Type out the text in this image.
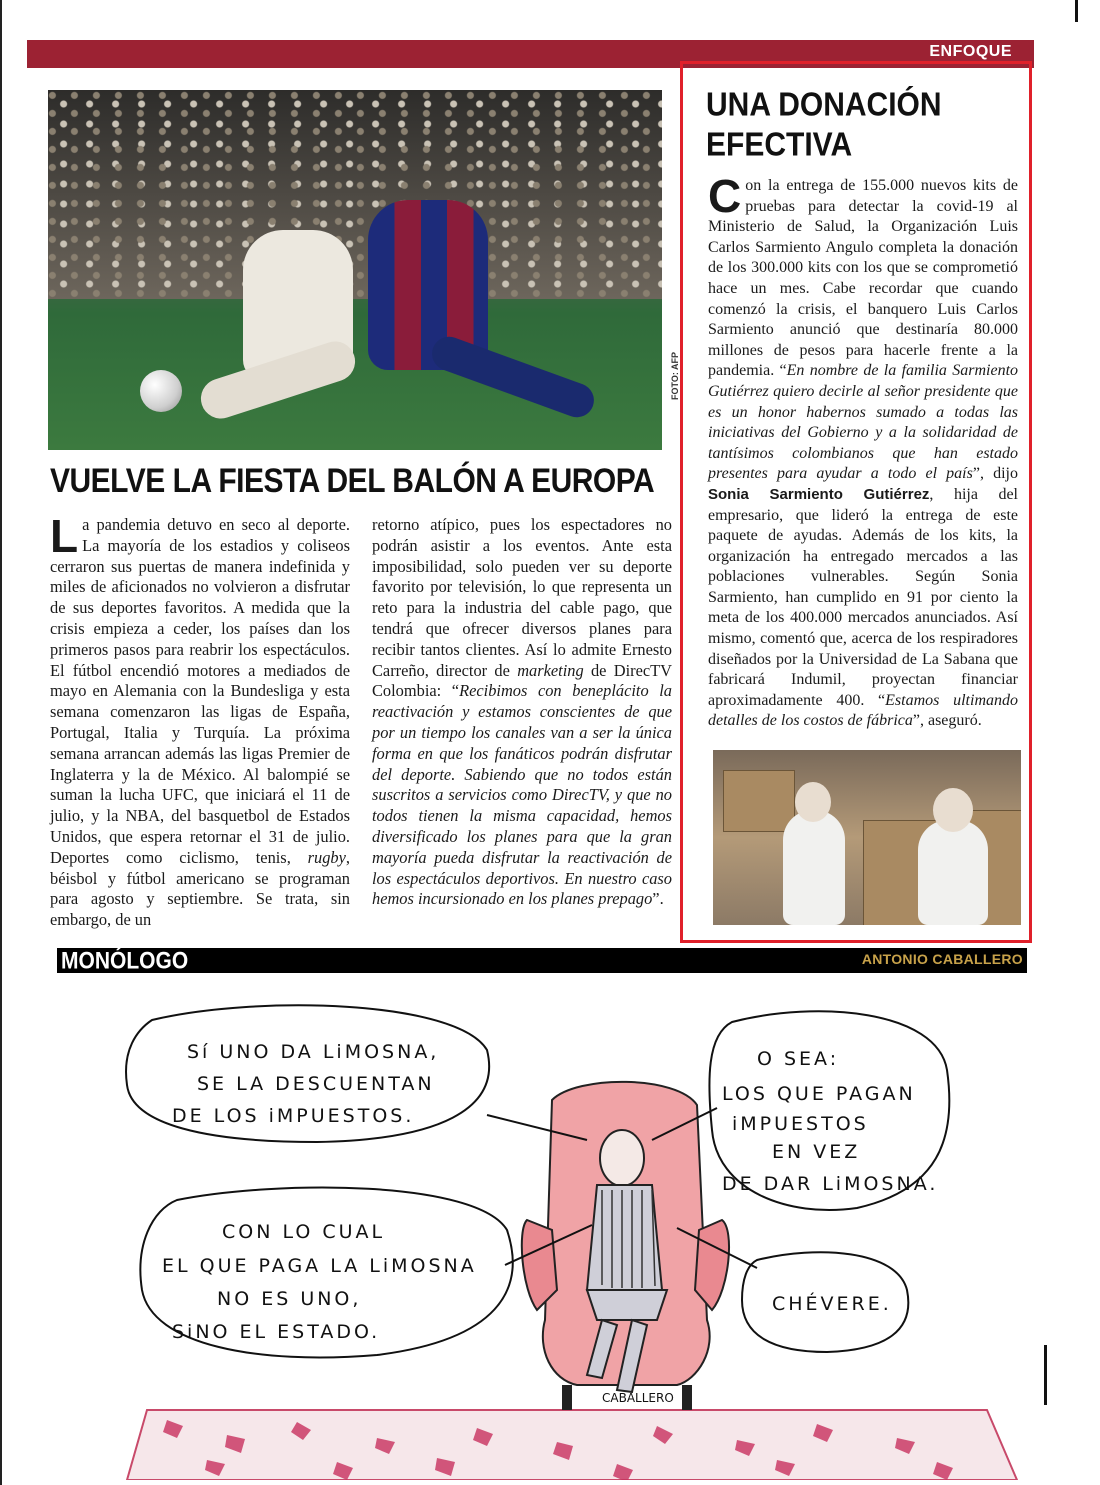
ENFOQUE
FOTO: AFP
VUELVE LA FIESTA DEL BALÓN A EUROPA

La pandemia detuvo en seco al deporte. La mayoría de los estadios y coliseos cerraron sus puertas de manera indefinida y miles de aficionados no volvieron a disfrutar de sus deportes favoritos. A medida que la crisis empieza a ceder, los países dan los primeros pasos para reabrir los espectáculos. El fútbol encendió motores a mediados de mayo en Alemania con la Bundesliga y esta semana comenzaron las ligas de España, Portugal, Italia y Turquía. La próxima semana arrancan además las ligas Premier de Inglaterra y la de México. Al balompié se suman la lucha UFC, que iniciará el 11 de julio, y la NBA, del basquetbol de Estados Unidos, que espera retornar el 31 de julio. Deportes como ciclismo, tenis, rugby, béisbol y fútbol americano se programan para agosto y septiembre. Se trata, sin embargo, de un

retorno atípico, pues los espectadores no podrán asistir a los eventos. Ante esta imposibilidad, solo pueden ver su deporte favorito por televisión, lo que representa un reto para la industria del cable pago, que tendrá que ofrecer diversos planes para recibir tantos clientes. Así lo admite Ernesto Carreño, director de marketing de DirecTV Colombia: “Recibimos con beneplácito la reactivación y estamos conscientes de que por un tiempo los canales van a ser la única forma en que los fanáticos podrán disfrutar del deporte. Sabiendo que no todos están suscritos a servicios como DirecTV, y que no todos tienen la misma capacidad, hemos diversificado los planes para que la gran mayoría pueda disfrutar la reactivación de los espectáculos deportivos. En nuestro caso hemos incursionado en los planes prepago”.

UNA DONACIÓN
EFECTIVA

Con la entrega de 155.000 nuevos kits de pruebas para detectar la covid-19 al Ministerio de Salud, la Organización Luis Carlos Sarmiento Angulo completa la donación de los 300.000 kits con los que se comprometió hace un mes. Cabe recordar que cuando comenzó la crisis, el banquero Luis Carlos Sarmiento anunció que destinaría 80.000 millones de pesos para hacerle frente a la pandemia. “En nombre de la familia Sarmiento Gutiérrez quiero decirle al señor presidente que es un honor habernos sumado a todas las iniciativas del Gobierno y a la solidaridad de tantísimos colombianos que han estado presentes para ayudar a todo el país”, dijo Sonia Sarmiento Gutiérrez, hija del empresario, que lideró la entrega de este paquete de ayudas. Además de los kits, la organización ha entregado mercados a las poblaciones vulnerables. Según Sonia Sarmiento, han cumplido en 91 por ciento la meta de los 400.000 mercados anunciados. Así mismo, comentó que, acerca de los respiradores diseñados por la Universidad de La Sabana que fabricará Indumil, proyectan financiar aproximadamente 400. “Estamos ultimando detalles de los costos de fábrica”, aseguró.

MONÓLOGO	ANTONIO CABALLERO
CABALLERO
Sí UNO DA LiMOSNA,
SE LA DESCUENTAN
DE LOS iMPUESTOS.
O SEA:
LOS QUE PAGAN
iMPUESTOS
EN VEZ
DE DAR LiMOSNA.
CON LO CUAL
EL QUE PAGA LA LiMOSNA
NO ES UNO,
SiNO EL ESTADO.
CHÉVERE.
